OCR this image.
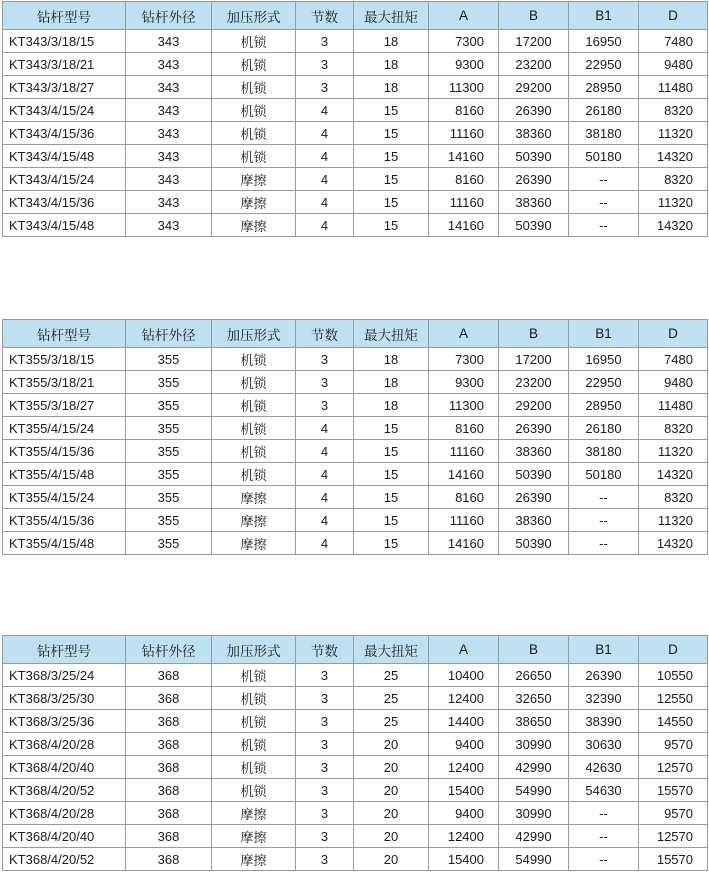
钻杆型号	钻杆外径	加压形式	节数	最大扭矩	A	B	B1	D
KT343/3/18/15	343	机锁	3	18	7300	17200	16950	7480
KT343/3/18/21	343	机锁	3	18	9300	23200	22950	9480
KT343/3/18/27	343	机锁	3	18	11300	29200	28950	11480
KT343/4/15/24	343	机锁	4	15	8160	26390	26180	8320
KT343/4/15/36	343	机锁	4	15	11160	38360	38180	11320
KT343/4/15/48	343	机锁	4	15	14160	50390	50180	14320
KT343/4/15/24	343	摩擦	4	15	8160	26390	--	8320
KT343/4/15/36	343	摩擦	4	15	11160	38360	--	11320
KT343/4/15/48	343	摩擦	4	15	14160	50390	--	14320
钻杆型号	钻杆外径	加压形式	节数	最大扭矩	A	B	B1	D
KT355/3/18/15	355	机锁	3	18	7300	17200	16950	7480
KT355/3/18/21	355	机锁	3	18	9300	23200	22950	9480
KT355/3/18/27	355	机锁	3	18	11300	29200	28950	11480
KT355/4/15/24	355	机锁	4	15	8160	26390	26180	8320
KT355/4/15/36	355	机锁	4	15	11160	38360	38180	11320
KT355/4/15/48	355	机锁	4	15	14160	50390	50180	14320
KT355/4/15/24	355	摩擦	4	15	8160	26390	--	8320
KT355/4/15/36	355	摩擦	4	15	11160	38360	--	11320
KT355/4/15/48	355	摩擦	4	15	14160	50390	--	14320
钻杆型号	钻杆外径	加压形式	节数	最大扭矩	A	B	B1	D
KT368/3/25/24	368	机锁	3	25	10400	26650	26390	10550
KT368/3/25/30	368	机锁	3	25	12400	32650	32390	12550
KT368/3/25/36	368	机锁	3	25	14400	38650	38390	14550
KT368/4/20/28	368	机锁	3	20	9400	30990	30630	9570
KT368/4/20/40	368	机锁	3	20	12400	42990	42630	12570
KT368/4/20/52	368	机锁	3	20	15400	54990	54630	15570
KT368/4/20/28	368	摩擦	3	20	9400	30990	--	9570
KT368/4/20/40	368	摩擦	3	20	12400	42990	--	12570
KT368/4/20/52	368	摩擦	3	20	15400	54990	--	15570
